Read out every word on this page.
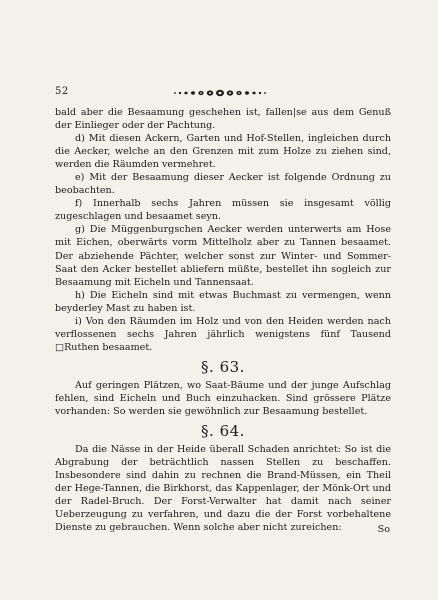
52

bald aber die Besaamung geschehen ist, fallen|se aus dem Genuß der Einlieger oder der Pachtung.

d) Mit diesen Ackern, Garten und Hof-Stellen, ingleichen durch die Aecker, welche an den Grenzen mit zum Holze zu ziehen sind, werden die Räumden vermehret.

e) Mit der Besaamung dieser Aecker ist folgende Ordnung zu beobachten.

f) Innerhalb sechs Jahren müssen sie insgesamt völlig zugeschlagen und besaamet seyn.

g) Die Müggenburgschen Aecker werden unterwerts am Hose mit Eichen, oberwärts vorm Mittelholz aber zu Tannen besaamet. Der abziehende Pächter, welcher sonst zur Winter- und Sommer-Saat den Acker bestellet abliefern müßte, bestellet ihn sogleich zur Besaamung mit Eicheln und Tannensaat.

h) Die Eicheln sind mit etwas Buchmast zu vermengen, wenn beyderley Mast zu haben ist.

i) Von den Räumden im Holz und von den Heiden werden nach verflossenen sechs Jahren jährlich wenigstens fünf Tausend □Ruthen besaamet.

§. 63.

Auf geringen Plätzen, wo Saat-Bäume und der junge Aufschlag fehlen, sind Eicheln und Buch einzuhacken. Sind grössere Plätze vorhanden: So werden sie gewöhnlich zur Besaamung bestellet.

§. 64.

Da die Nässe in der Heide überall Schaden anrichtet: So ist die Abgrabung der beträchtlich nassen Stellen zu beschaffen. Insbesondere sind dahin zu rechnen die Brand-Müssen, ein Theil der Hege-Tannen, die Birkhorst, das Kappenlager, der Mönk-Ort und der Radel-Bruch. Der Forst-Verwalter hat damit nach seiner Ueberzeugung zu verfahren, und dazu die der Forst vorbehaltene Dienste zu gebrauchen. Wenn solche aber nicht zureichen:	So
